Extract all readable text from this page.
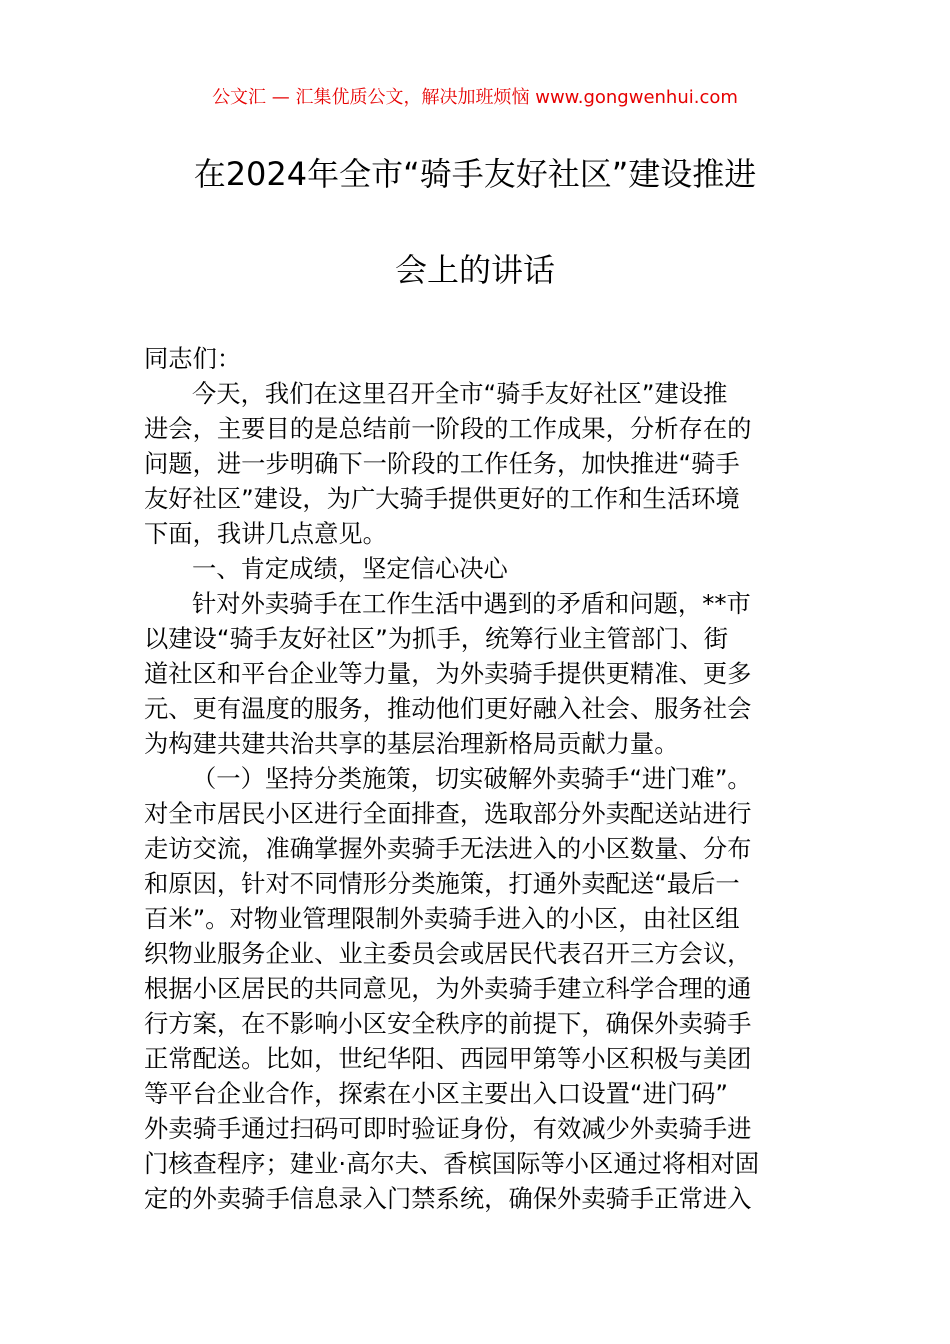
公文汇 — 汇集优质公文，解决加班烦恼 www.gongwenhui.com
在2024年全市“骑手友好社区”建设推进
会上的讲话
同志们：
今天，我们在这里召开全市“骑手友好社区”建设推
进会，主要目的是总结前一阶段的工作成果，分析存在的
问题，进一步明确下一阶段的工作任务，加快推进“骑手
友好社区”建设，为广大骑手提供更好的工作和生活环境
下面，我讲几点意见。
一、肯定成绩，坚定信心决心
针对外卖骑手在工作生活中遇到的矛盾和问题，**市
以建设“骑手友好社区”为抓手，统筹行业主管部门、街
道社区和平台企业等力量，为外卖骑手提供更精准、更多
元、更有温度的服务，推动他们更好融入社会、服务社会
为构建共建共治共享的基层治理新格局贡献力量。
（一）坚持分类施策，切实破解外卖骑手“进门难”。
对全市居民小区进行全面排查，选取部分外卖配送站进行
走访交流，准确掌握外卖骑手无法进入的小区数量、分布
和原因，针对不同情形分类施策，打通外卖配送“最后一
百米”。对物业管理限制外卖骑手进入的小区，由社区组
织物业服务企业、业主委员会或居民代表召开三方会议，
根据小区居民的共同意见，为外卖骑手建立科学合理的通
行方案，在不影响小区安全秩序的前提下，确保外卖骑手
正常配送。比如，世纪华阳、西园甲第等小区积极与美团
等平台企业合作，探索在小区主要出入口设置“进门码”
外卖骑手通过扫码可即时验证身份，有效减少外卖骑手进
门核查程序；建业·高尔夫、香槟国际等小区通过将相对固
定的外卖骑手信息录入门禁系统，确保外卖骑手正常进入
